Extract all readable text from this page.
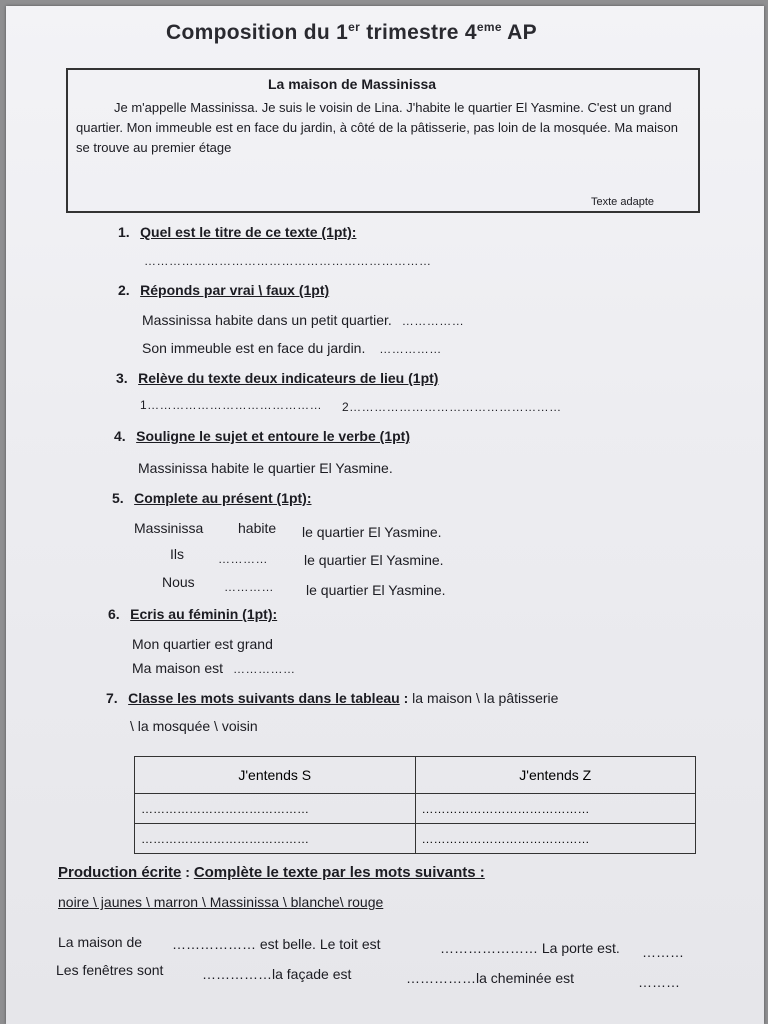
Composition du 1er trimestre 4eme AP
La maison de Massinissa
Je m'appelle Massinissa. Je suis le voisin de Lina. J'habite le quartier El Yasmine. C'est un grand quartier. Mon immeuble est en face du jardin, à côté de la pâtisserie, pas loin de la mosquée. Ma maison se trouve au premier étage
Texte adapte
1. Quel est le titre de ce texte (1pt):
……………………………………………………………
2. Réponds par vrai \ faux (1pt)
Massinissa habite dans un petit quartier. ……………
Son immeuble est en face du jardin. ……………
3. Relève du texte deux indicateurs de lieu (1pt)
1…………………………………… 2……………………………………………
4. Souligne le sujet et entoure le verbe (1pt)
Massinissa habite le quartier El Yasmine.
5. Complete au présent (1pt):
Massinissa habite le quartier El Yasmine.
Ils	…………	le quartier El Yasmine.
Nous ………… le quartier El Yasmine.
6. Ecris au féminin (1pt):
Mon quartier est grand
Ma maison est ……………
7. Classe les mots suivants dans le tableau : la maison \ la pâtisserie
\ la mosquée \ voisin
J'entends S	J'entends Z
……………………………………	……………………………………
……………………………………	……………………………………
Production écrite : Complète le texte par les mots suivants :
noire \ jaunes \ marron \ Massinissa \ blanche\ rouge
La maison de ……………… est belle. Le toit est	………………… La porte est. ………
Les fenêtres sont	……………la façade est	……………la cheminée est	………
